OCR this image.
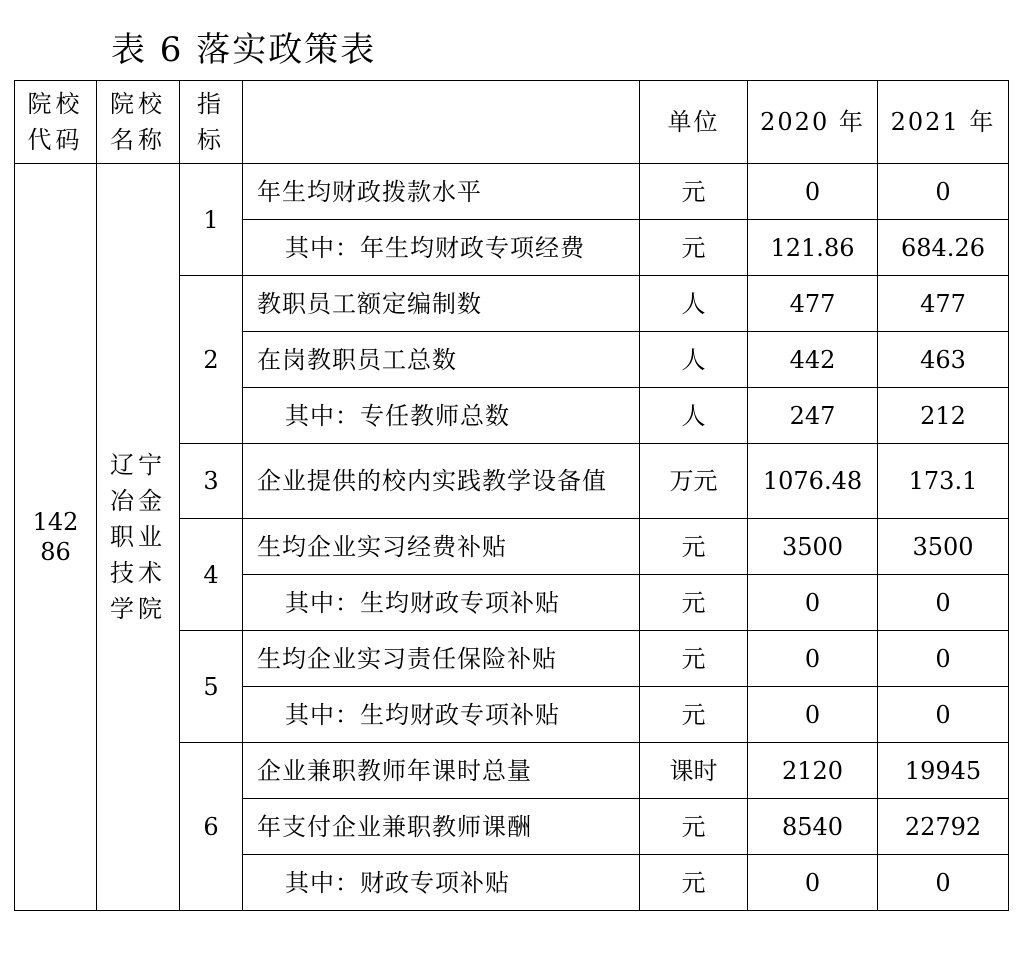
表 6 落实政策表
院校代码	院校名称	指标		单位	2020 年	2021 年
14286	辽宁冶金职业技术学院	1	年生均财政拨款水平	元	0	0
			其中：年生均财政专项经费	元	121.86	684.26
		2	教职员工额定编制数	人	477	477
			在岗教职员工总数	人	442	463
			其中：专任教师总数	人	247	212
		3	企业提供的校内实践教学设备值	万元	1076.48	173.1
		4	生均企业实习经费补贴	元	3500	3500
			其中：生均财政专项补贴	元	0	0
		5	生均企业实习责任保险补贴	元	0	0
			其中：生均财政专项补贴	元	0	0
		6	企业兼职教师年课时总量	课时	2120	19945
			年支付企业兼职教师课酬	元	8540	22792
			其中：财政专项补贴	元	0	0
